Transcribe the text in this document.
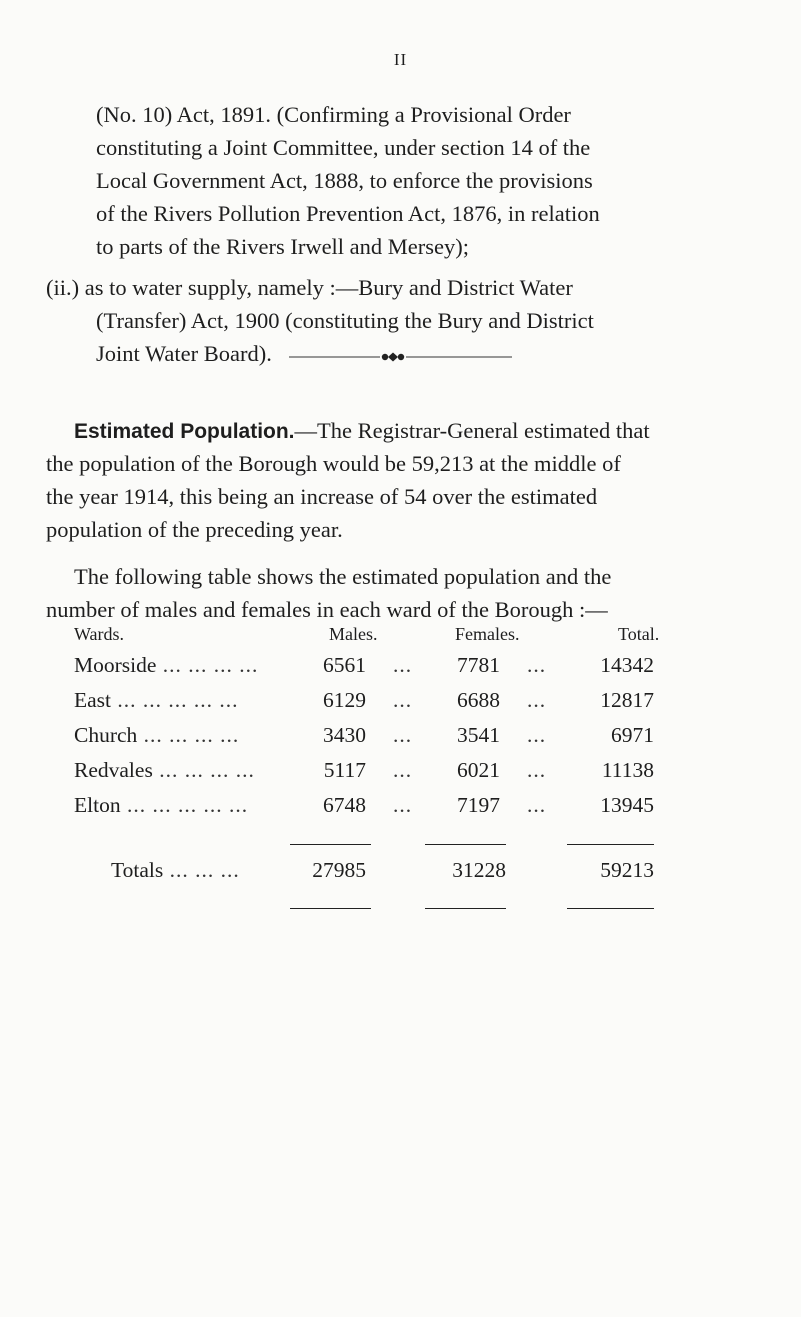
II
(No. 10) Act, 1891. (Confirming a Provisional Order
constituting a Joint Committee, under section 14 of the
Local Government Act, 1888, to enforce the provisions
of the Rivers Pollution Prevention Act, 1876, in relation
to parts of the Rivers Irwell and Mersey);
(ii.) as to water supply, namely :—Bury and District Water
(Transfer) Act, 1900 (constituting the Bury and District
Joint Water Board).
Estimated Population.—The Registrar-General estimated that
the population of the Borough would be 59,213 at the middle of
the year 1914, this being an increase of 54 over the estimated
population of the preceding year.
The following table shows the estimated population and the
number of males and females in each ward of the Borough :—
Wards.	Males.	Females.	Total.
Moorside ... ... ... ...	6561 ...	7781 ...	14342
East ... ... ... ... ...	6129 ...	6688 ...	12817
Church ... ... ... ...	3430 ...	3541 ...	6971
Redvales ... ... ... ...	5117 ...	6021 ...	11138
Elton ... ... ... ... ...	6748 ...	7197 ...	13945
Totals ... ... ...	27985	31228	59213
